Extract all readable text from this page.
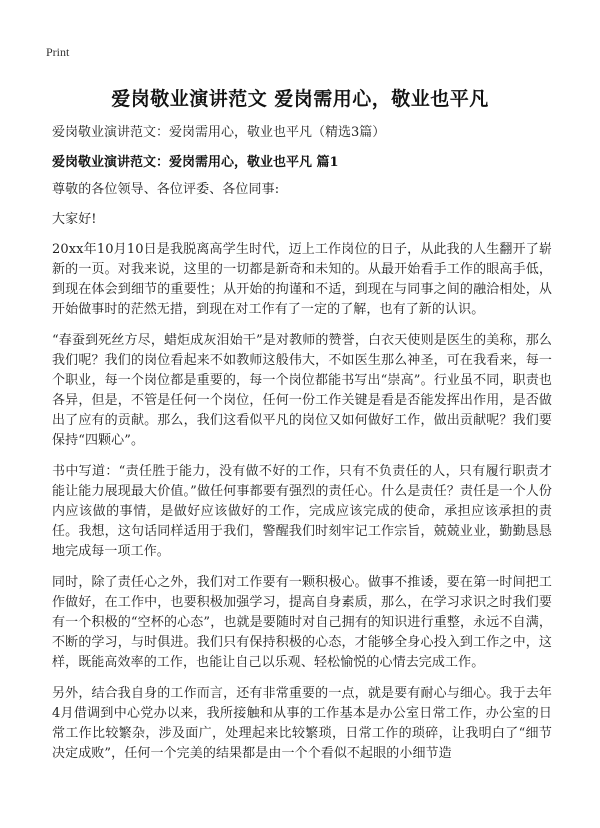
Print
爱岗敬业演讲范文 爱岗需用心，敬业也平凡
爱岗敬业演讲范文：爱岗需用心，敬业也平凡（精选3篇）
爱岗敬业演讲范文：爱岗需用心，敬业也平凡 篇1

尊敬的各位领导、各位评委、各位同事:

大家好!

20xx年10月10日是我脱离高学生时代，迈上工作岗位的日子，从此我的人生翻开了崭新的一页。对我来说，这里的一切都是新奇和未知的。从最开始看手工作的眼高手低，到现在体会到细节的重要性；从开始的拘谨和不适，到现在与同事之间的融洽相处，从开始做事时的茫然无措，到现在对工作有了一定的了解，也有了新的认识。

“春蚕到死丝方尽，蜡炬成灰泪始干”是对教师的赞誉，白衣天使则是医生的美称，那么我们呢？我们的岗位看起来不如教师这般伟大，不如医生那么神圣，可在我看来，每一个职业，每一个岗位都是重要的，每一个岗位都能书写出“崇高”。行业虽不同，职责也各异，但是，不管是任何一个岗位，任何一份工作关键是看是否能发挥出作用，是否做出了应有的贡献。那么，我们这看似平凡的岗位又如何做好工作，做出贡献呢？我们要保持“四颗心”。

书中写道：“责任胜于能力，没有做不好的工作，只有不负责任的人，只有履行职责才能让能力展现最大价值。”做任何事都要有强烈的责任心。什么是责任？责任是一个人份内应该做的事情，是做好应该做好的工作，完成应该完成的使命，承担应该承担的责任。我想，这句话同样适用于我们，警醒我们时刻牢记工作宗旨，兢兢业业，勤勤恳恳地完成每一项工作。

同时，除了责任心之外，我们对工作要有一颗积极心。做事不推诿，要在第一时间把工作做好，在工作中，也要积极加强学习，提高自身素质，那么，在学习求识之时我们要有一个积极的“空杯的心态”，也就是要随时对自己拥有的知识进行重整，永远不自满，不断的学习，与时俱进。我们只有保持积极的心态，才能够全身心投入到工作之中，这样，既能高效率的工作，也能让自己以乐观、轻松愉悦的心情去完成工作。

另外，结合我自身的工作而言，还有非常重要的一点，就是要有耐心与细心。我于去年4月借调到中心党办以来，我所接触和从事的工作基本是办公室日常工作，办公室的日常工作比较繁杂，涉及面广，处理起来比较繁琐，日常工作的琐碎，让我明白了“细节决定成败”，任何一个完美的结果都是由一个个看似不起眼的小细节造
